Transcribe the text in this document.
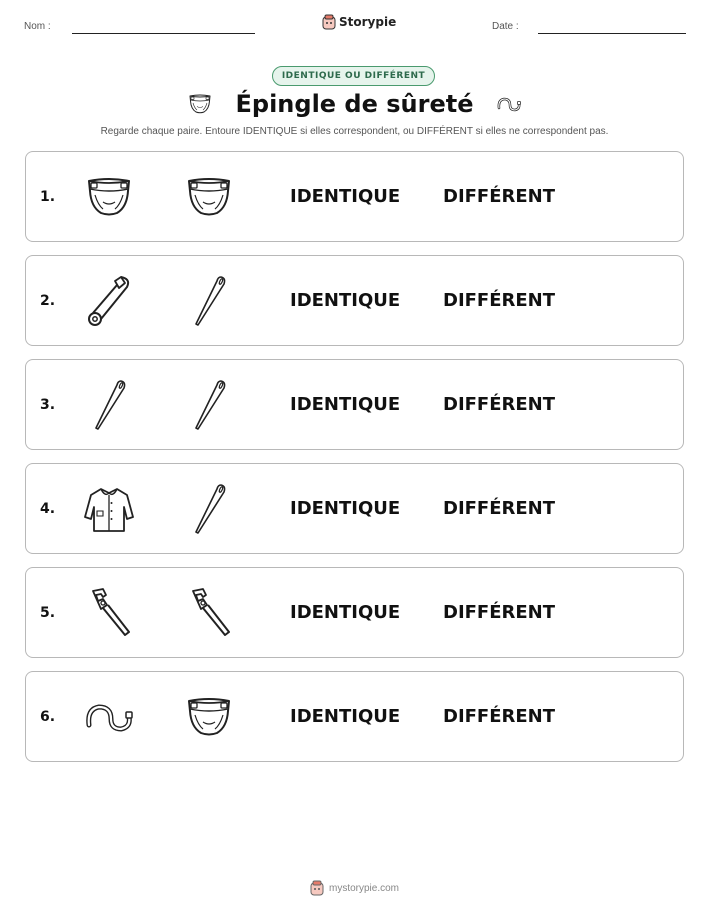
Nom :	Storypie	Date :
IDENTIQUE OU DIFFÉRENT
Épingle de sûreté
Regarde chaque paire. Entoure IDENTIQUE si elles correspondent, ou DIFFÉRENT si elles ne correspondent pas.
1.	IDENTIQUE DIFFÉRENT
2.	IDENTIQUE DIFFÉRENT
3.	IDENTIQUE DIFFÉRENT
4.	IDENTIQUE DIFFÉRENT
5.	IDENTIQUE DIFFÉRENT
6.	IDENTIQUE DIFFÉRENT
mystorypie.com
